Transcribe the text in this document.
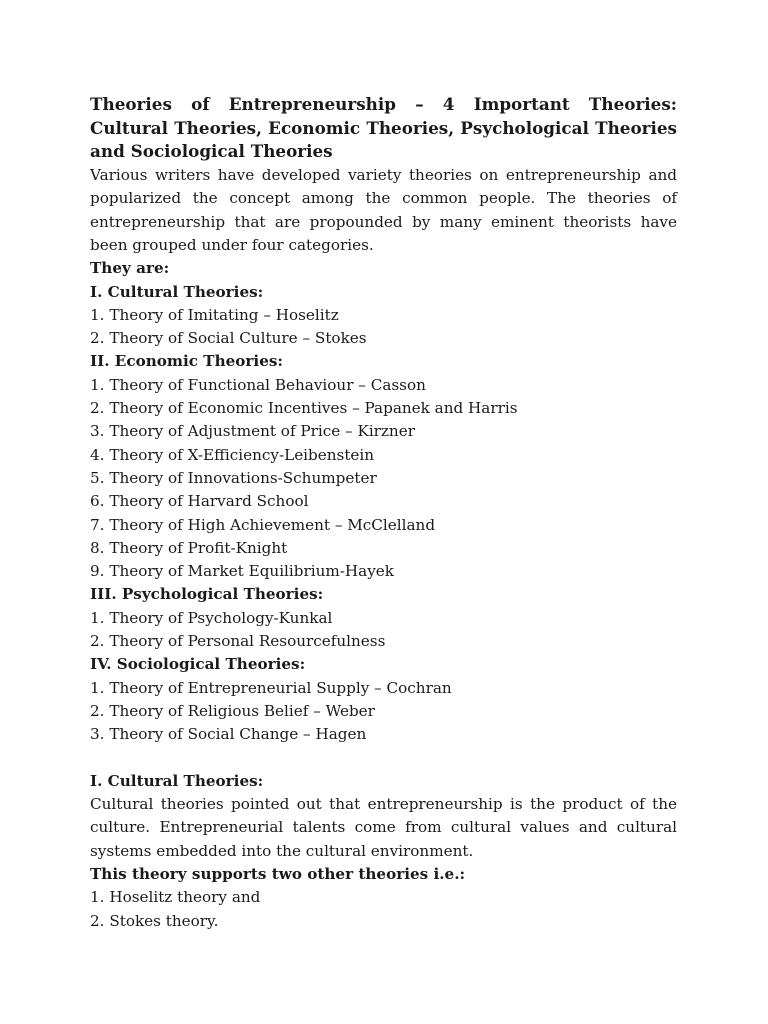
Theories of Entrepreneurship – 4 Important Theories: Cultural Theories, Economic Theories, Psychological Theories and Sociological Theories

Various writers have developed variety theories on entrepreneurship and popularized the concept among the common people. The theories of entrepreneurship that are propounded by many eminent theorists have been grouped under four categories.

They are:

I. Cultural Theories:

1. Theory of Imitating – Hoselitz

2. Theory of Social Culture – Stokes

II. Economic Theories:

1. Theory of Functional Behaviour – Casson

2. Theory of Economic Incentives – Papanek and Harris

3. Theory of Adjustment of Price – Kirzner

4. Theory of X-Efficiency-Leibenstein

5. Theory of Innovations-Schumpeter

6. Theory of Harvard School

7. Theory of High Achievement – McClelland

8. Theory of Profit-Knight

9. Theory of Market Equilibrium-Hayek

III. Psychological Theories:

1. Theory of Psychology-Kunkal

2. Theory of Personal Resourcefulness

IV. Sociological Theories:

1. Theory of Entrepreneurial Supply – Cochran

2. Theory of Religious Belief – Weber

3. Theory of Social Change – Hagen

I. Cultural Theories:

Cultural theories pointed out that entrepreneurship is the product of the culture. Entrepreneurial talents come from cultural values and cultural systems embedded into the cultural environment.

This theory supports two other theories i.e.:

1. Hoselitz theory and

2. Stokes theory.
